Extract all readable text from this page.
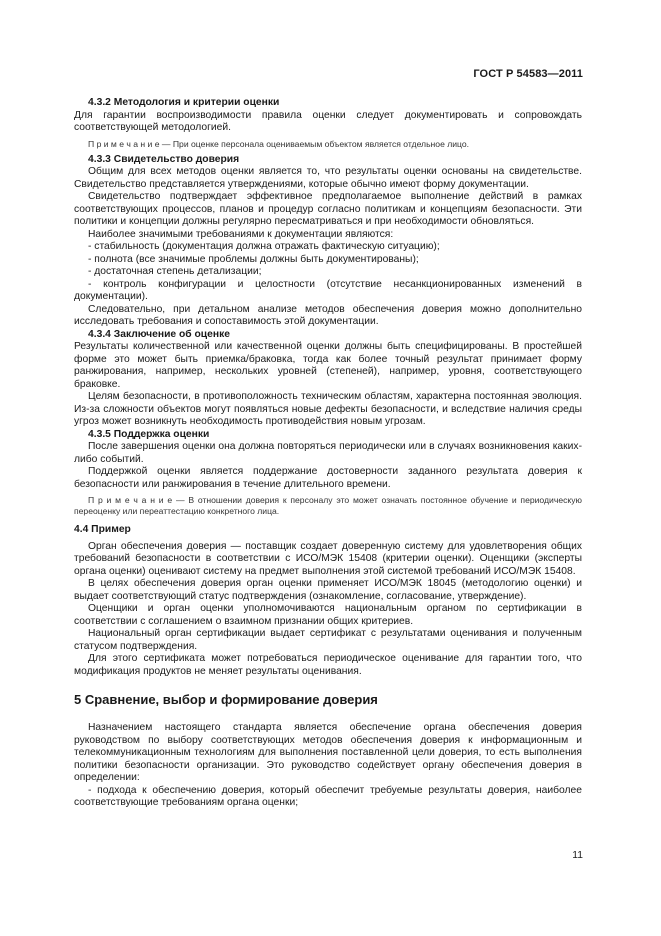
ГОСТ Р 54583—2011

4.3.2 Методология и критерии оценки

Для гарантии воспроизводимости правила оценки следует документировать и сопровождать соответствующей методологией.

П р и м е ч а н и е — При оценке персонала оцениваемым объектом является отдельное лицо.

4.3.3 Свидетельство доверия

Общим для всех методов оценки является то, что результаты оценки основаны на свидетельстве. Свидетельство представляется утверждениями, которые обычно имеют форму документации.

Свидетельство подтверждает эффективное предполагаемое выполнение действий в рамках соответствующих процессов, планов и процедур согласно политикам и концепциям безопасности. Эти политики и концепции должны регулярно пересматриваться и при необходимости обновляться.

Наиболее значимыми требованиями к документации являются:

- стабильность (документация должна отражать фактическую ситуацию);

- полнота (все значимые проблемы должны быть документированы);

- достаточная степень детализации;

- контроль конфигурации и целостности (отсутствие несанкционированных изменений в документации).

Следовательно, при детальном анализе методов обеспечения доверия можно дополнительно исследовать требования и сопоставимость этой документации.

4.3.4 Заключение об оценке

Результаты количественной или качественной оценки должны быть специфицированы. В простейшей форме это может быть приемка/браковка, тогда как более точный результат принимает форму ранжирования, например, нескольких уровней (степеней), например, уровня, соответствующего браковке.

Целям безопасности, в противоположность техническим областям, характерна постоянная эволюция. Из-за сложности объектов могут появляться новые дефекты безопасности, и вследствие наличия среды угроз может возникнуть необходимость противодействия новым угрозам.

4.3.5 Поддержка оценки

После завершения оценки она должна повторяться периодически или в случаях возникновения каких-либо событий.

Поддержкой оценки является поддержание достоверности заданного результата доверия к безопасности или ранжирования в течение длительного времени.

П р и м е ч а н и е — В отношении доверия к персоналу это может означать постоянное обучение и периодическую переоценку или переаттестацию конкретного лица.

4.4 Пример

Орган обеспечения доверия — поставщик создает доверенную систему для удовлетворения общих требований безопасности в соответствии с ИСО/МЭК 15408 (критерии оценки). Оценщики (эксперты органа оценки) оценивают систему на предмет выполнения этой системой требований ИСО/МЭК 15408.

В целях обеспечения доверия орган оценки применяет ИСО/МЭК 18045 (методологию оценки) и выдает соответствующий статус подтверждения (ознакомление, согласование, утверждение).

Оценщики и орган оценки уполномочиваются национальным органом по сертификации в соответствии с соглашением о взаимном признании общих критериев.

Национальный орган сертификации выдает сертификат с результатами оценивания и полученным статусом подтверждения.

Для этого сертификата может потребоваться периодическое оценивание для гарантии того, что модификация продуктов не меняет результаты оценивания.

5 Сравнение, выбор и формирование доверия

Назначением настоящего стандарта является обеспечение органа обеспечения доверия руководством по выбору соответствующих методов обеспечения доверия к информационным и телекоммуникационным технологиям для выполнения поставленной цели доверия, то есть выполнения политики безопасности организации. Это руководство содействует органу обеспечения доверия в определении:

- подхода к обеспечению доверия, который обеспечит требуемые результаты доверия, наиболее соответствующие требованиям органа оценки;

11
